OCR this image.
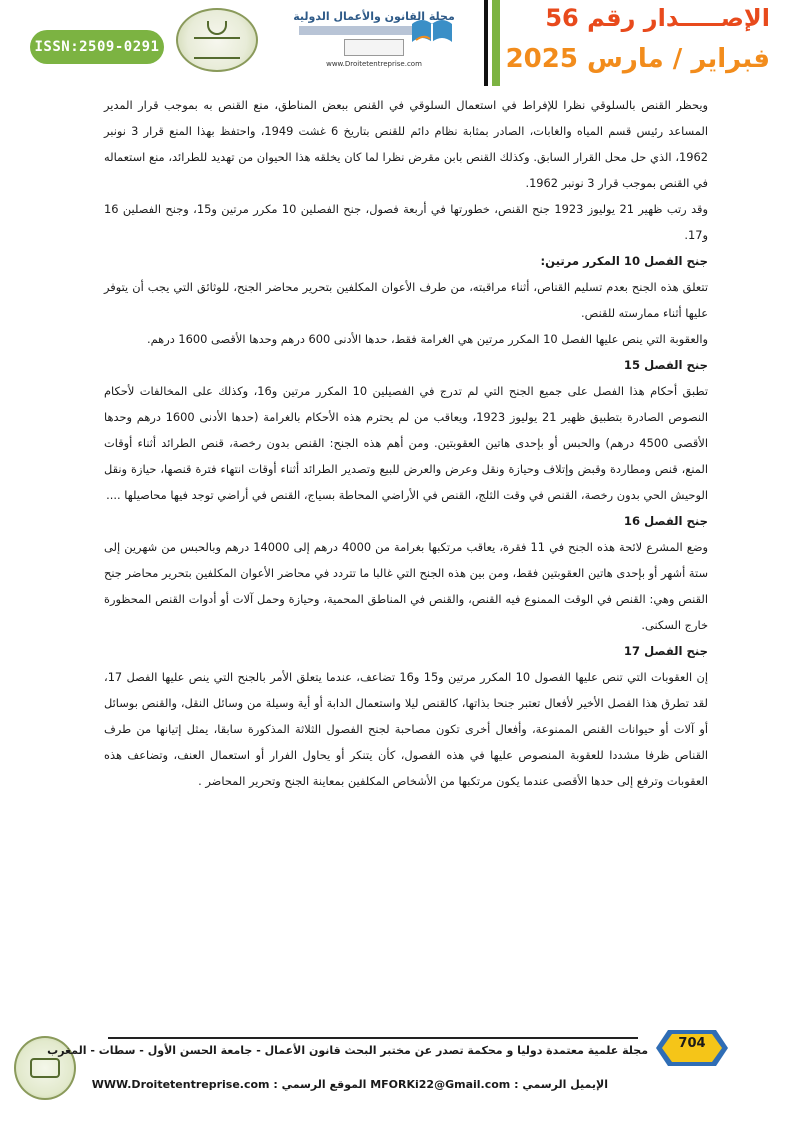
ISSN:2509-0291
مجلة القانون والأعمال الدولية
www.Droitetentreprise.com
الإصـــــدار رقم 56
فبراير / مارس 2025

ويحظر القنص بالسلوقي نظرا للإفراط في استعمال السلوقي في القنص ببعض المناطق، منع القنص به بموجب قرار المدير المساعد رئيس قسم المياه والغابات، الصادر بمثابة نظام دائم للقنص بتاريخ 6 غشت 1949، واحتفظ بهذا المنع قرار 3 نونبر 1962، الذي حل محل القرار السابق. وكذلك القنص بابن مقرض نظرا لما كان يخلقه هذا الحيوان من تهديد للطرائد، منع استعماله في القنص بموجب قرار 3 نونبر 1962.

وقد رتب ظهير 21 يوليوز 1923 جنح القنص، خطورتها في أربعة فصول، جنح الفصلين 10 مكرر مرتين و15، وجنح الفصلين 16 و17.

جنح الفصل 10 المكرر مرتين:

تتعلق هذه الجنح بعدم تسليم القناص، أثناء مراقبته، من طرف الأعوان المكلفين بتحرير محاضر الجنح، للوثائق التي يجب أن يتوفر عليها أثناء ممارسته للقنص.

والعقوبة التي ينص عليها الفصل 10 المكرر مرتين هي الغرامة فقط، حدها الأدنى 600 درهم وحدها الأقصى 1600 درهم.

جنح الفصل 15

تطبق أحكام هذا الفصل على جميع الجنح التي لم تدرج في الفصيلين 10 المكرر مرتين و16، وكذلك على المخالفات لأحكام النصوص الصادرة بتطبيق ظهير 21 يوليوز 1923، ويعاقب من لم يحترم هذه الأحكام بالغرامة (حدها الأدنى 1600 درهم وحدها الأقصى 4500 درهم) والحبس أو بإحدى هاتين العقوبتين. ومن أهم هذه الجنح: القنص بدون رخصة، قنص الطرائد أثناء أوقات المنع، قنص ومطاردة وقبض وإتلاف وحيازة ونقل وعرض والعرض للبيع وتصدير الطرائد أثناء أوقات انتهاء فترة قنصها، حيازة ونقل الوحيش الحي بدون رخصة، القنص في وقت الثلج، القنص في الأراضي المحاطة بسياج، القنص في أراضي توجد فيها محاصيلها ....

جنح الفصل 16

وضع المشرع لائحة هذه الجنح في 11 فقرة، يعاقب مرتكبها بغرامة من 4000 درهم إلى 14000 درهم وبالحبس من شهرين إلى ستة أشهر أو بإحدى هاتين العقوبتين فقط، ومن بين هذه الجنح التي غالبا ما تتردد في محاضر الأعوان المكلفين بتحرير محاضر جنح القنص وهي: القنص في الوقت الممنوع فيه القنص، والقنص في المناطق المحمية، وحيازة وحمل آلات أو أدوات القنص المحظورة خارج السكنى.

جنح الفصل 17

إن العقوبات التي تنص عليها الفصول 10 المكرر مرتين و15 و16 تضاعف، عندما يتعلق الأمر بالجنح التي ينص عليها الفصل 17، لقد تطرق هذا الفصل الأخير لأفعال تعتبر جنحا بذاتها، كالقنص ليلا واستعمال الدابة أو أية وسيلة من وسائل النقل، والقنص بوسائل أو آلات أو حيوانات القنص الممنوعة، وأفعال أخرى تكون مصاحبة لجنح الفصول الثلاثة المذكورة سابقا، يمثل إتيانها من طرف القناص ظرفا مشددا للعقوبة المنصوص عليها في هذه الفصول، كأن يتنكر أو يحاول الفرار أو استعمال العنف، وتضاعف هذه العقوبات وترفع إلى حدها الأقصى عندما يكون مرتكبها من الأشخاص المكلفين بمعاينة الجنح وتحرير المحاضر .

مجلة علمية معتمدة دوليا و محكمة تصدر عن مختبر البحث قانون الأعمال - جامعة الحسن الأول - سطات - المغرب
الإيميل الرسمي : MFORKi22@Gmail.com الموقع الرسمي : WWW.Droitetentreprise.com
704
